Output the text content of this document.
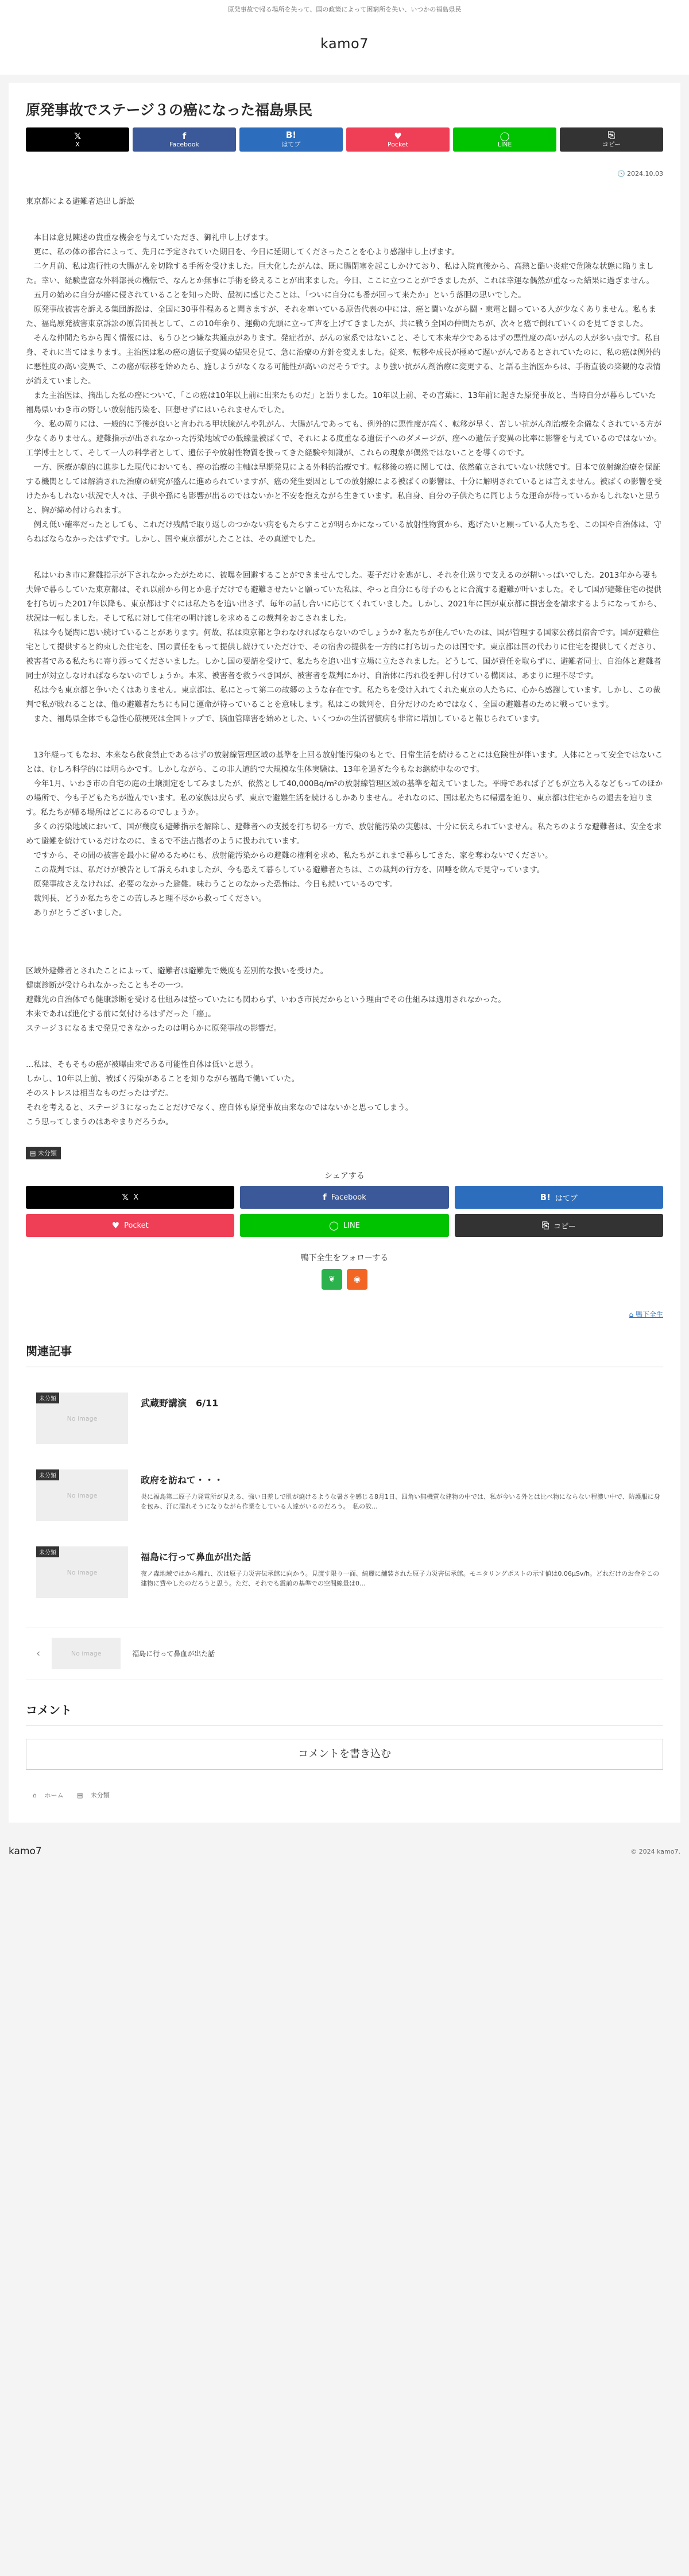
原発事故で帰る場所を失って、国の政策によって困窮所を失い、いつかの福島県民
kamo7
原発事故でステージ３の癌になった福島県民
𝕏
X
f
Facebook
B!
はてブ
♥
Pocket
◯
LINE
⎘
コピー
🕓 2024.10.03

東京都による避難者追出し訴訟

　本日は意見陳述の貴重な機会を与えていただき、御礼申し上げます。

　更に、私の体の都合によって、先月に予定されていた期日を、今日に延期してくださったことを心より感謝申し上げます。

　二ケ月前、私は進行性の大腸がんを切除する手術を受けました。巨大化したがんは、既に腸閉塞を起こしかけており、私は入院直後から、高熱と酷い炎症で危険な状態に陥りました。幸い、経験豊富な外科部長の機転で、なんとか無事に手術を終えることが出来ました。今日、ここに立つことができましたが、これは幸運な偶然が重なった結果に過ぎません。

　五月の始めに自分が癌に侵されていることを知った時、最初に感じたことは、「ついに自分にも番が回って来たか」という落胆の思いでした。

　原発事故被害を訴える集団訴訟は、全国に30事件程あると聞きますが、それを率いている原告代表の中には、癌と闘いながら闘・東電と闘っている人が少なくありません。私もまた、福島原発被害東京訴訟の原告団長として、この10年余り、運動の先頭に立って声を上げてきましたが、共に戦う全国の仲間たちが、次々と癌で倒れていくのを見てきました。

　そんな仲間たちから聞く情報には、もうひとつ嫌な共通点があります。発症者が、がんの家系ではないこと、そして本来寿少であるはずの悪性度の高いがんの人が多い点です。私自身、それに当てはまります。主治医は私の癌の遺伝子変異の結果を見て、急に治療の方針を変えました。従来、転移や成長が極めて遅いがんであるとされていたのに、私の癌は例外的に悪性度の高い変異で、この癌が転移を始めたら、施しようがなくなる可能性が高いのだそうです。より強い抗がん剤治療に変更する、と語る主治医からは、手術直後の楽観的な表情が消えていました。

　また主治医は、摘出した私の癌について、「この癌は10年以上前に出来たものだ」と語りました。10年以上前、その言葉に、13年前に起きた原発事故と、当時自分が暮らしていた福島県いわき市の野しい放射能汚染を、回想せずにはいられませんでした。

　今、私の周りには、一般的に予後が良いと言われる甲状腺がんや乳がん、大腸がんであっても、例外的に悪性度が高く、転移が早く、苦しい抗がん剤治療を余儀なくされている方が少なくありません。避難指示が出されなかった汚染地域での低線量被ばくで、それによる度重なる遺伝子へのダメージが、癌への遺伝子変異の比率に影響を与えているのではないか。工学博士として、そして一人の科学者として、遺伝子や放射性物質を扱ってきた経験や知識が、これらの現象が偶然ではないことを導くのです。

　一方、医療が劇的に進歩した現代においても、癌の治療の主軸は早期発見による外科的治療です。転移後の癌に関しては、依然確立されていない状態です。日本で放射線治療を保証する機関としては解消された治療の研究が盛んに進められていますが、癌の発生要因としての放射線による被ばくの影響は、十分に解明されているとは言えません。被ばくの影響を受けたかもしれない状況で人々は、子供や孫にも影響が出るのではないかと不安を抱えながら生きています。私自身、自分の子供たちに同じような運命が待っているかもしれないと思うと、胸が締め付けられます。

　例え低い確率だったとしても、これだけ残酷で取り返しのつかない病をもたらすことが明らかになっている放射性物質から、逃げたいと願っている人たちを、この国や自治体は、守らねばならなかったはずです。しかし、国や東京都がしたことは、その真逆でした。

　私はいわき市に避難指示が下されなかったがために、被曝を回避することができませんでした。妻子だけを逃がし、それを仕送りで支えるのが精いっぱいでした。2013年から妻も夫婦で暮らしていた東京都は、それ以前から何とか息子だけでも避難させたいと願っていた私は、やっと自分にも母子のもとに合流する避難が叶いました。そして国が避難住宅の提供を打ち切った2017年以降も、東京都はすぐには私たちを追い出さず、毎年の話し合いに応じてくれていました。しかし、2021年に国が東京都に損害金を請求するようになってから、状況は一転しました。そして私に対して住宅の明け渡しを求めるこの裁判をおこされました。

　私は今も疑問に思い続けていることがあります。何故、私は東京都と争わなければならないのでしょうか? 私たちが住んでいたのは、国が管理する国家公務員宿舎です。国が避難住宅として提供すると約束した住宅を、国の責任をもって提供し続けていただけで、その宿舎の提供を一方的に打ち切ったのは国です。東京都は国の代わりに住宅を提供してくださり、被害者である私たちに寄り添ってくださいました。しかし国の要請を受けて、私たちを追い出す立場に立たされました。どうして、国が責任を取らずに、避難者同士、自治体と避難者同士が対立しなければならないのでしょうか。本来、被害者を救うべき国が、被害者を裁判にかけ、自治体に汚れ役を押し付けている構図は、あまりに理不尽です。

　私は今も東京都と争いたくはありません。東京都は、私にとって第二の故郷のような存在です。私たちを受け入れてくれた東京の人たちに、心から感謝しています。しかし、この裁判で私が敗れることは、他の避難者たちにも同じ運命が待っていることを意味します。私はこの裁判を、自分だけのためではなく、全国の避難者のために戦っています。

　また、福島県全体でも急性心筋梗死は全国トップで、脳血管障害を始めとした、いくつかの生活習慣病も非常に増加していると報じられています。

　13年経ってもなお、本来なら飲食禁止であるはずの放射線管理区域の基準を上回る放射能汚染のもとで、日常生活を続けることには危険性が伴います。人体にとって安全ではないことは、むしろ科学的には明らかです。しかしながら、この非人道的で大規模な生体実験は、13年を過ぎた今もなお継続中なのです。

　今年1月、いわき市の自宅の庭の土壌測定をしてみましたが、依然として40,000Bq/m²の放射線管理区域の基準を超えていました。平時であれば子どもが立ち入るなどもってのほかの場所で、今も子どもたちが遊んでいます。私の家族は戻らず、東京で避難生活を続けるしかありません。それなのに、国は私たちに帰還を迫り、東京都は住宅からの退去を迫ります。私たちが帰る場所はどこにあるのでしょうか。

　多くの汚染地域において、国が幾度も避難指示を解除し、避難者への支援を打ち切る一方で、放射能汚染の実態は、十分に伝えられていません。私たちのような避難者は、安全を求めて避難を続けているだけなのに、まるで不法占拠者のように扱われています。

　ですから、その間の被害を最小に留めるためにも、放射能汚染からの避難の権利を求め、私たちがこれまで暮らしてきた、家を奪わないでください。

　この裁判では、私だけが被告として訴えられましたが、今も恐えて暮らしている避難者たちは、この裁判の行方を、固唾を飲んで見守っています。

　原発事故さえなければ、必要のなかった避難。味わうことのなかった恐怖は、今日も続いているのです。

　裁判長、どうか私たちをこの苦しみと理不尽から救ってください。

　ありがとうございました。

区域外避難者とされたことによって、避難者は避難先で幾度も差別的な扱いを受けた。

健康診断が受けられなかったこともその一つ。

避難先の自治体でも健康診断を受ける仕組みは整っていたにも関わらず、いわき市民だからという理由でその仕組みは適用されなかった。

本来であれば進化する前に気付けるはずだった「癌」。

ステージ３になるまで発見できなかったのは明らかに原発事故の影響だ。

…私は、そもそもの癌が被曝由来である可能性自体は低いと思う。

しかし、10年以上前、被ばく汚染があることを知りながら福島で働いていた。

そのストレスは相当なものだったはずだ。

それを考えると、ステージ３になったことだけでなく、癌自体も原発事故由来なのではないかと思ってしまう。

こう思ってしまうのはあやまりだろうか。

▤ 未分類
シェアする
𝕏 X	f Facebook	B! はてブ
♥ Pocket	◯ LINE	⎘ コピー
鴨下全生をフォローする
❦	◉
⌂ 鴨下全生
関連記事
未分類
No image
武蔵野講演　6/11
未分類
No image
政府を訪ねて・・・
炎に福島第二原子力発電所が見える、強い日差しで肌が焼けるような暑さを感じる8月1日、四角い無機質な建物の中では、私が今いる外とは比べ物にならない程濃い中で、防護服に身を包み、汗に濡れそうになりながら作業をしている人達がいるのだろう。　私の故...
未分類
No image
福島に行って鼻血が出た話
夜ノ森地域ではから離れ、次は原子力災害伝承館に向かう。見渡す限り一面、綺麗に舗装された原子力災害伝承館。モニタリングポストの示す値は0.06μSv/h。どれだけのお金をこの建物に費やしたのだろうと思う。ただ、それでも震前の基準での空間線量は0...
‹	No image	福島に行って鼻血が出た話
コメント
コメントを書き込む
⌂ ホーム ▤ 未分類
kamo7	© 2024 kamo7.
